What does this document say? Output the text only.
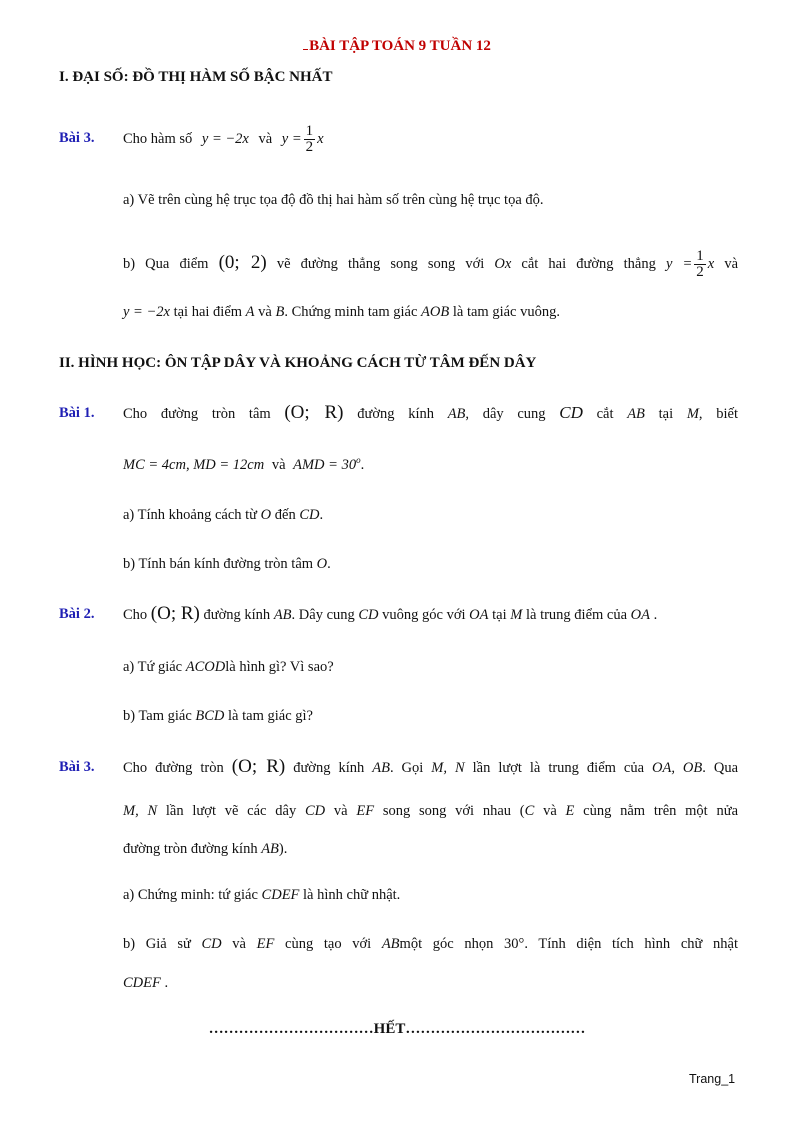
BÀI TẬP TOÁN 9 TUẦN 12
I. ĐẠI SỐ: ĐỒ THỊ HÀM SỐ BẬC NHẤT
Bài 3. Cho hàm số y = −2x và $y = \frac{1}{2}$ x
a) Vẽ trên cùng hệ trục tọa độ đồ thị hai hàm số trên cùng hệ trục tọa độ.
b) Qua điểm (0; 2) vẽ đường thẳng song song với Ox cắt hai đường thẳng $y = \frac{1}{2}$ x và
y = −2x tại hai điểm A và B. Chứng minh tam giác AOB là tam giác vuông.
II. HÌNH HỌC: ÔN TẬP DÂY VÀ KHOẢNG CÁCH TỪ TÂM ĐẾN DÂY
Bài 1. Cho đường tròn tâm (O; R) đường kính AB, dây cung CD cắt AB tại M, biết
MC = 4cm, MD = 12cm và AMD = $30^o$.
a) Tính khoảng cách từ O đến CD.
b) Tính bán kính đường tròn tâm O.
Bài 2. Cho (O; R) đường kính AB. Dây cung CD vuông góc với OA tại M là trung điểm của OA .
a) Tứ giác ACODlà hình gì? Vì sao?
b) Tam giác BCD là tam giác gì?
Bài 3. Cho đường tròn (O; R) đường kính AB. Gọi M, N lần lượt là trung điểm của OA, OB. Qua
M, N lần lượt vẽ các dây CD và EF song song với nhau (C và E cùng nằm trên một nửa
đường tròn đường kính AB).
a) Chứng minh: tứ giác CDEF là hình chữ nhật.
b) Giả sử CD và EF cùng tạo với ABmột góc nhọn 30°. Tính diện tích hình chữ nhật
CDEF .
……………………………HẾT………………………………
Trang_1
